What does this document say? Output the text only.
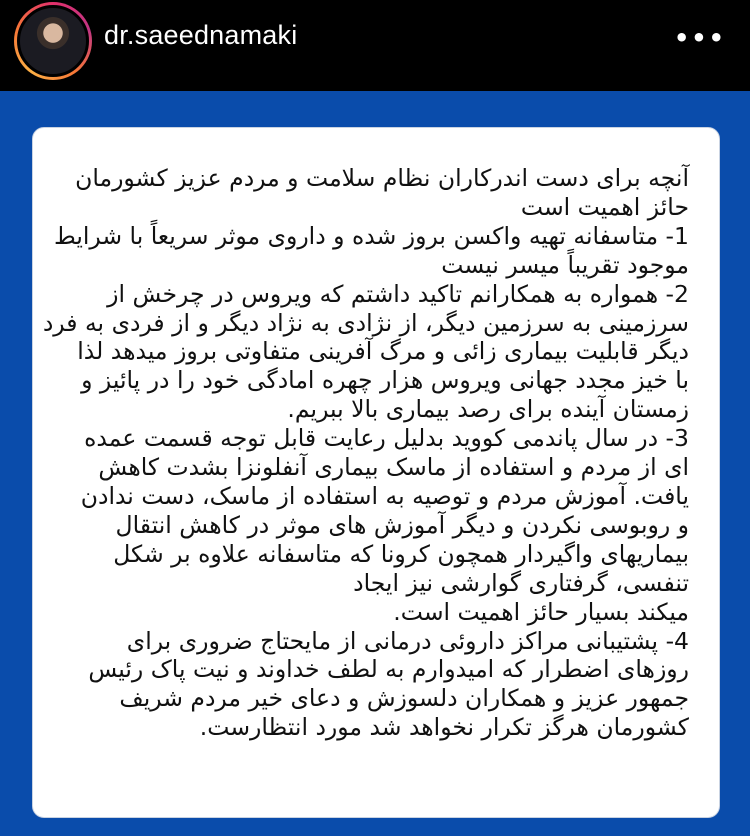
dr.saeednamaki	•••
آنچه برای دست اندرکاران نظام سلامت و مردم عزیز کشورمان
حائز اهمیت است
1- متاسفانه تهیه واکسن بروز شده و داروی موثر سریعاً با شرایط
موجود تقریباً میسر نیست
2- همواره به همکارانم تاکید داشتم که ویروس در چرخش از
سرزمینی به سرزمین دیگر، از نژادی به نژاد دیگر و از فردی به فرد
دیگر قابلیت بیماری زائی و مرگ آفرینی متفاوتی بروز میدهد لذا
با خیز مجدد جهانی ویروس هزار چهره امادگی خود را در پائیز و
زمستان آینده برای رصد بیماری بالا ببریم.
3- در سال پاندمی کووید بدلیل رعایت قابل توجه قسمت عمده
ای از مردم و استفاده از ماسک بیماری آنفلونزا بشدت کاهش
یافت. آموزش مردم و توصیه به استفاده از ماسک، دست ندادن
و روبوسی نکردن و دیگر آموزش های موثر در کاهش انتقال
بیماریهای واگیردار همچون کرونا که متاسفانه علاوه بر شکل
تنفسی، گرفتاری گوارشی نیز ایجاد
میکند بسیار حائز اهمیت است.
4- پشتیبانی مراکز داروئی درمانی از مایحتاج ضروری برای
روزهای اضطرار که امیدوارم به لطف خداوند و نیت پاک رئیس
جمهور عزیز و همکاران دلسوزش و دعای خیر مردم شریف
کشورمان هرگز تکرار نخواهد شد مورد انتظارست.
